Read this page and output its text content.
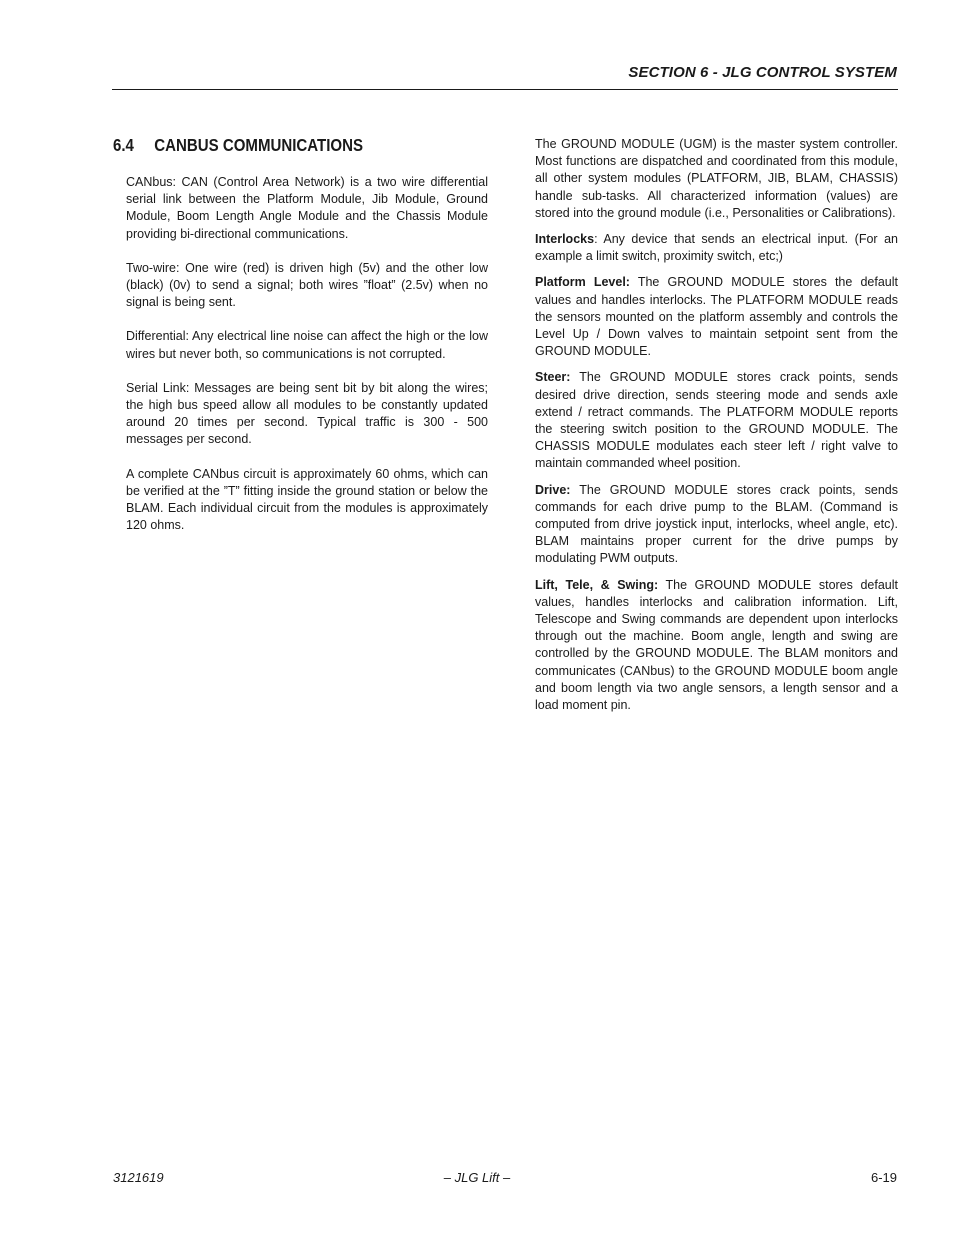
SECTION 6 - JLG CONTROL SYSTEM
6.4 CANBUS COMMUNICATIONS

CANbus: CAN (Control Area Network) is a two wire differential serial link between the Platform Module, Jib Module, Ground Module, Boom Length Angle Module and the Chassis Module providing bi-directional communications.

Two-wire: One wire (red) is driven high (5v) and the other low (black) (0v) to send a signal; both wires ”float” (2.5v) when no signal is being sent.

Differential: Any electrical line noise can affect the high or the low wires but never both, so communications is not corrupted.

Serial Link: Messages are being sent bit by bit along the wires; the high bus speed allow all modules to be constantly updated around 20 times per second. Typical traffic is 300 - 500 messages per second.

A complete CANbus circuit is approximately 60 ohms, which can be verified at the ”T” fitting inside the ground station or below the BLAM. Each individual circuit from the modules is approximately 120 ohms.

The GROUND MODULE (UGM) is the master system controller. Most functions are dispatched and coordinated from this module, all other system modules (PLATFORM, JIB, BLAM, CHASSIS) handle sub-tasks. All characterized information (values) are stored into the ground module (i.e., Personalities or Calibrations).

Interlocks: Any device that sends an electrical input. (For an example a limit switch, proximity switch, etc;)

Platform Level: The GROUND MODULE stores the default values and handles interlocks. The PLATFORM MODULE reads the sensors mounted on the platform assembly and controls the Level Up / Down valves to maintain setpoint sent from the GROUND MODULE.

Steer: The GROUND MODULE stores crack points, sends desired drive direction, sends steering mode and sends axle extend / retract commands. The PLATFORM MODULE reports the steering switch position to the GROUND MODULE. The CHASSIS MODULE modulates each steer left / right valve to maintain commanded wheel position.

Drive: The GROUND MODULE stores crack points, sends commands for each drive pump to the BLAM. (Command is computed from drive joystick input, interlocks, wheel angle, etc). BLAM maintains proper current for the drive pumps by modulating PWM outputs.

Lift, Tele, & Swing: The GROUND MODULE stores default values, handles interlocks and calibration information. Lift, Telescope and Swing commands are dependent upon interlocks through out the machine. Boom angle, length and swing are controlled by the GROUND MODULE. The BLAM monitors and communicates (CANbus) to the GROUND MODULE boom angle and boom length via two angle sensors, a length sensor and a load moment pin.

3121619	– JLG Lift –	6-19
